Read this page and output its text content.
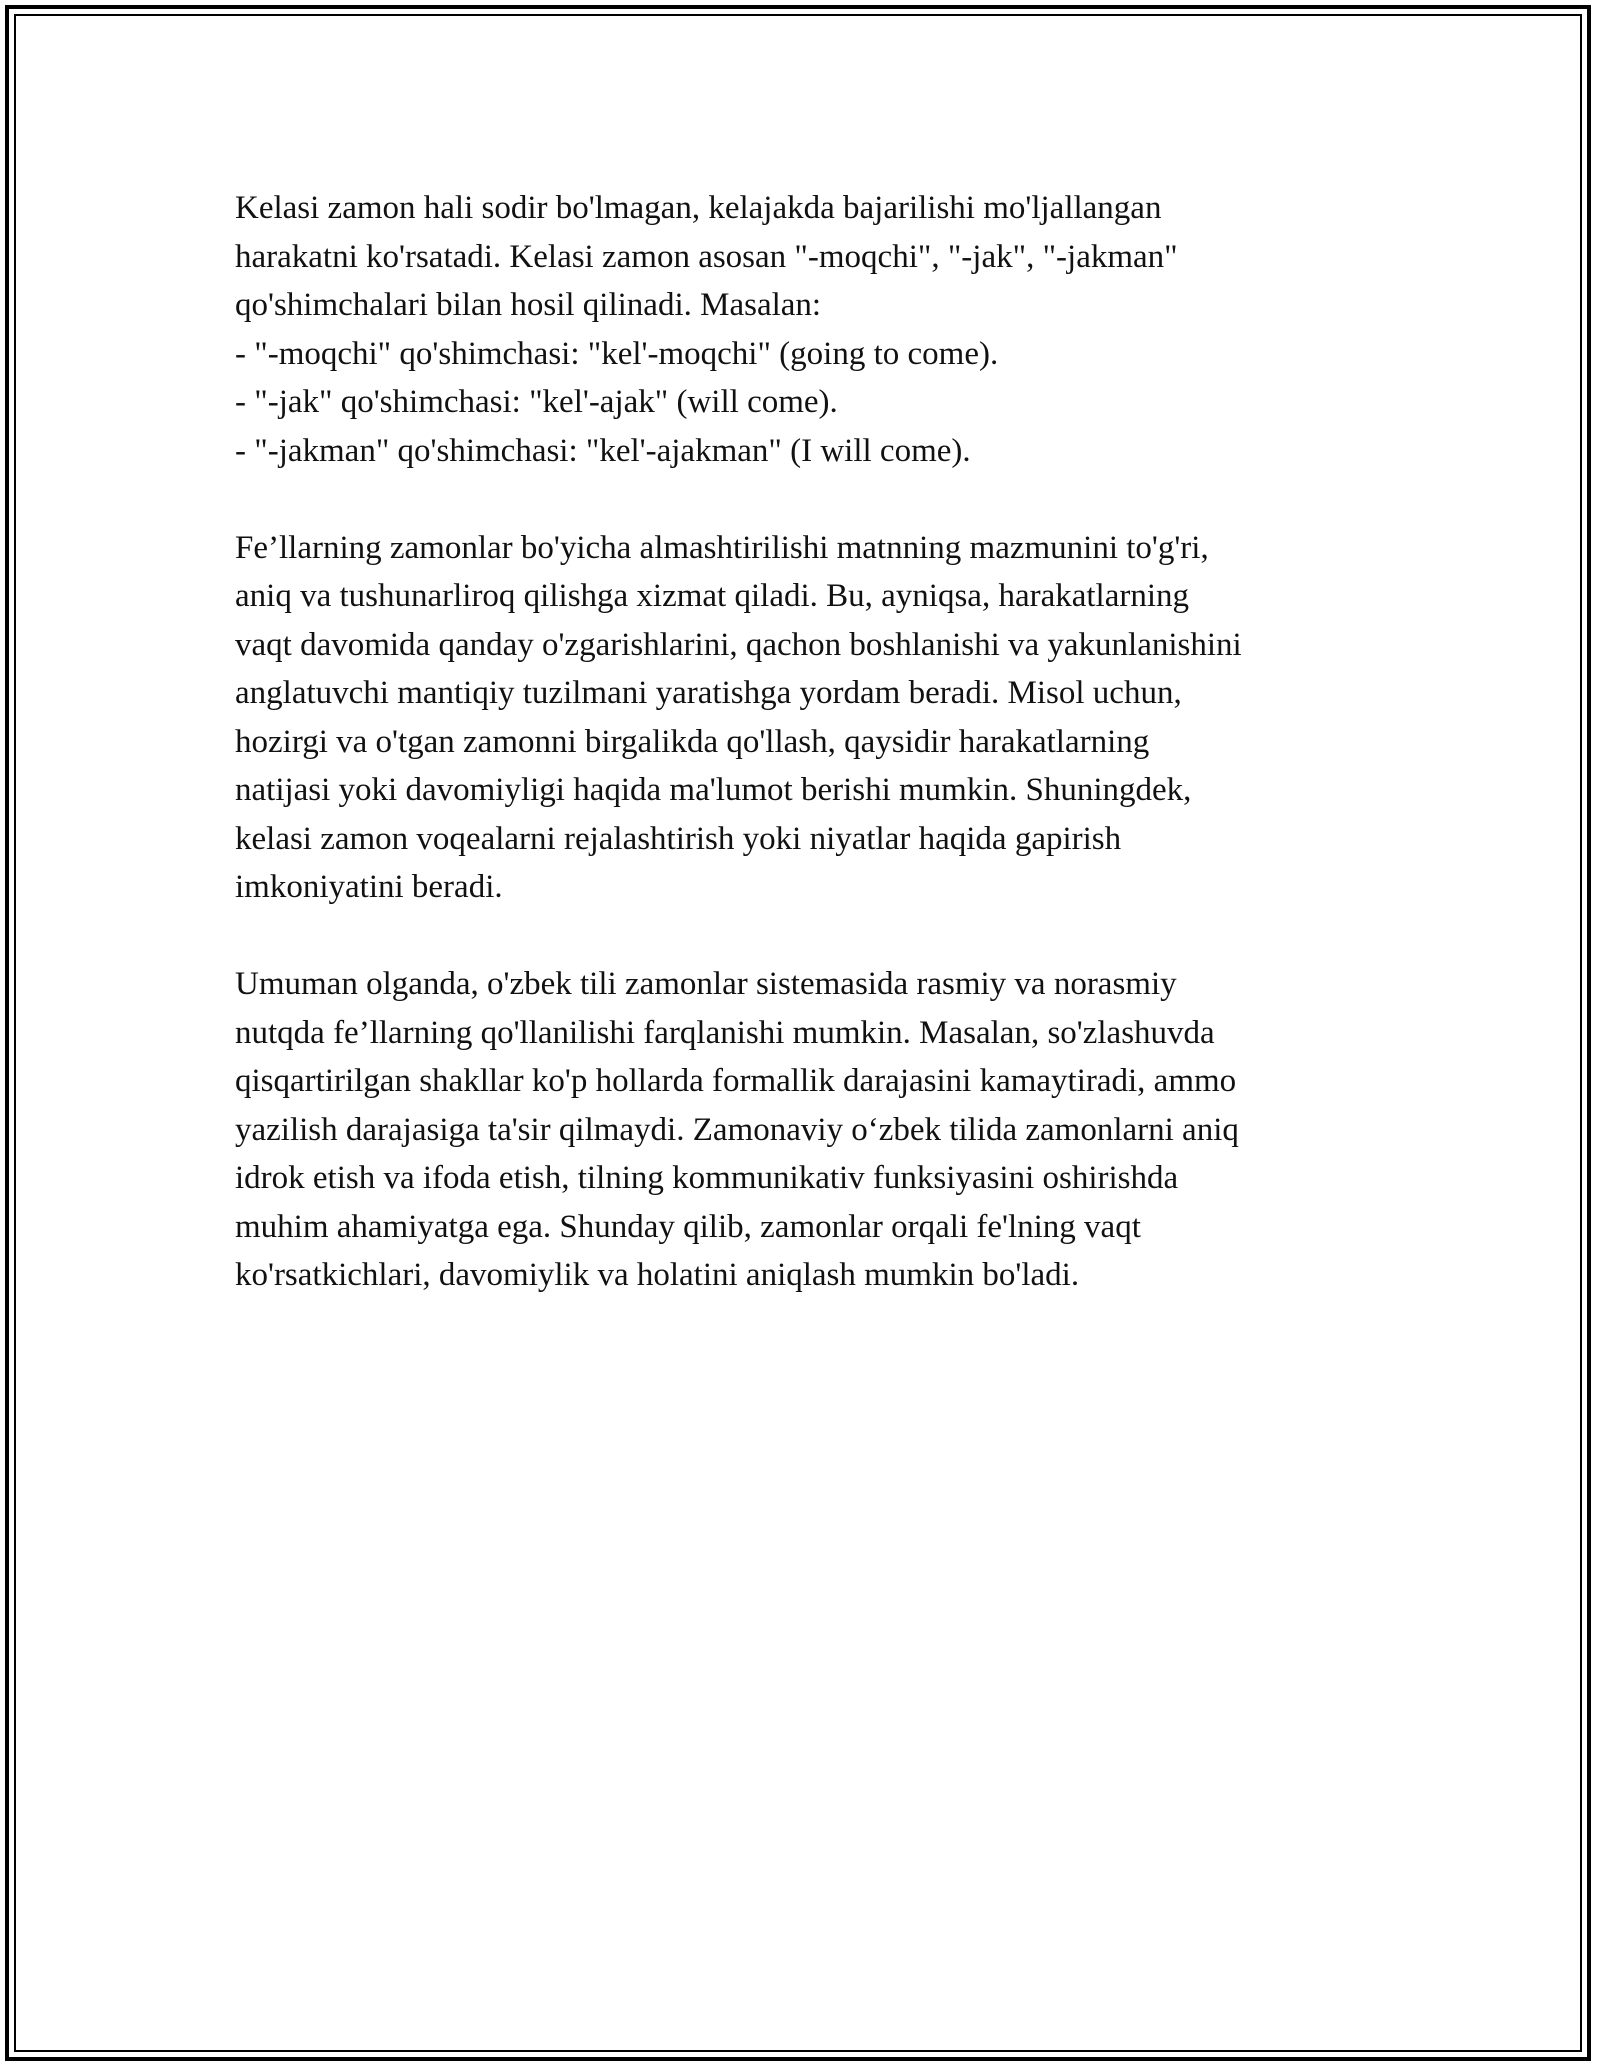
Kelasi zamon hali sodir bo'lmagan, kelajakda bajarilishi mo'ljallangan
harakatni ko'rsatadi. Kelasi zamon asosan "-moqchi", "-jak", "-jakman"
qo'shimchalari bilan hosil qilinadi. Masalan:
- "-moqchi" qo'shimchasi: "kel'-moqchi" (going to come).
- "-jak" qo'shimchasi: "kel'-ajak" (will come).
- "-jakman" qo'shimchasi: "kel'-ajakman" (I will come).
Fe’llarning zamonlar bo'yicha almashtirilishi matnning mazmunini to'g'ri,
aniq va tushunarliroq qilishga xizmat qiladi. Bu, ayniqsa, harakatlarning
vaqt davomida qanday o'zgarishlarini, qachon boshlanishi va yakunlanishini
anglatuvchi mantiqiy tuzilmani yaratishga yordam beradi. Misol uchun,
hozirgi va o'tgan zamonni birgalikda qo'llash, qaysidir harakatlarning
natijasi yoki davomiyligi haqida ma'lumot berishi mumkin. Shuningdek,
kelasi zamon voqealarni rejalashtirish yoki niyatlar haqida gapirish
imkoniyatini beradi.
Umuman olganda, o'zbek tili zamonlar sistemasida rasmiy va norasmiy
nutqda fe’llarning qo'llanilishi farqlanishi mumkin. Masalan, so'zlashuvda
qisqartirilgan shakllar ko'p hollarda formallik darajasini kamaytiradi, ammo
yazilish darajasiga ta'sir qilmaydi. Zamonaviy o‘zbek tilida zamonlarni aniq
idrok etish va ifoda etish, tilning kommunikativ funksiyasini oshirishda
muhim ahamiyatga ega. Shunday qilib, zamonlar orqali fe'lning vaqt
ko'rsatkichlari, davomiylik va holatini aniqlash mumkin bo'ladi.
